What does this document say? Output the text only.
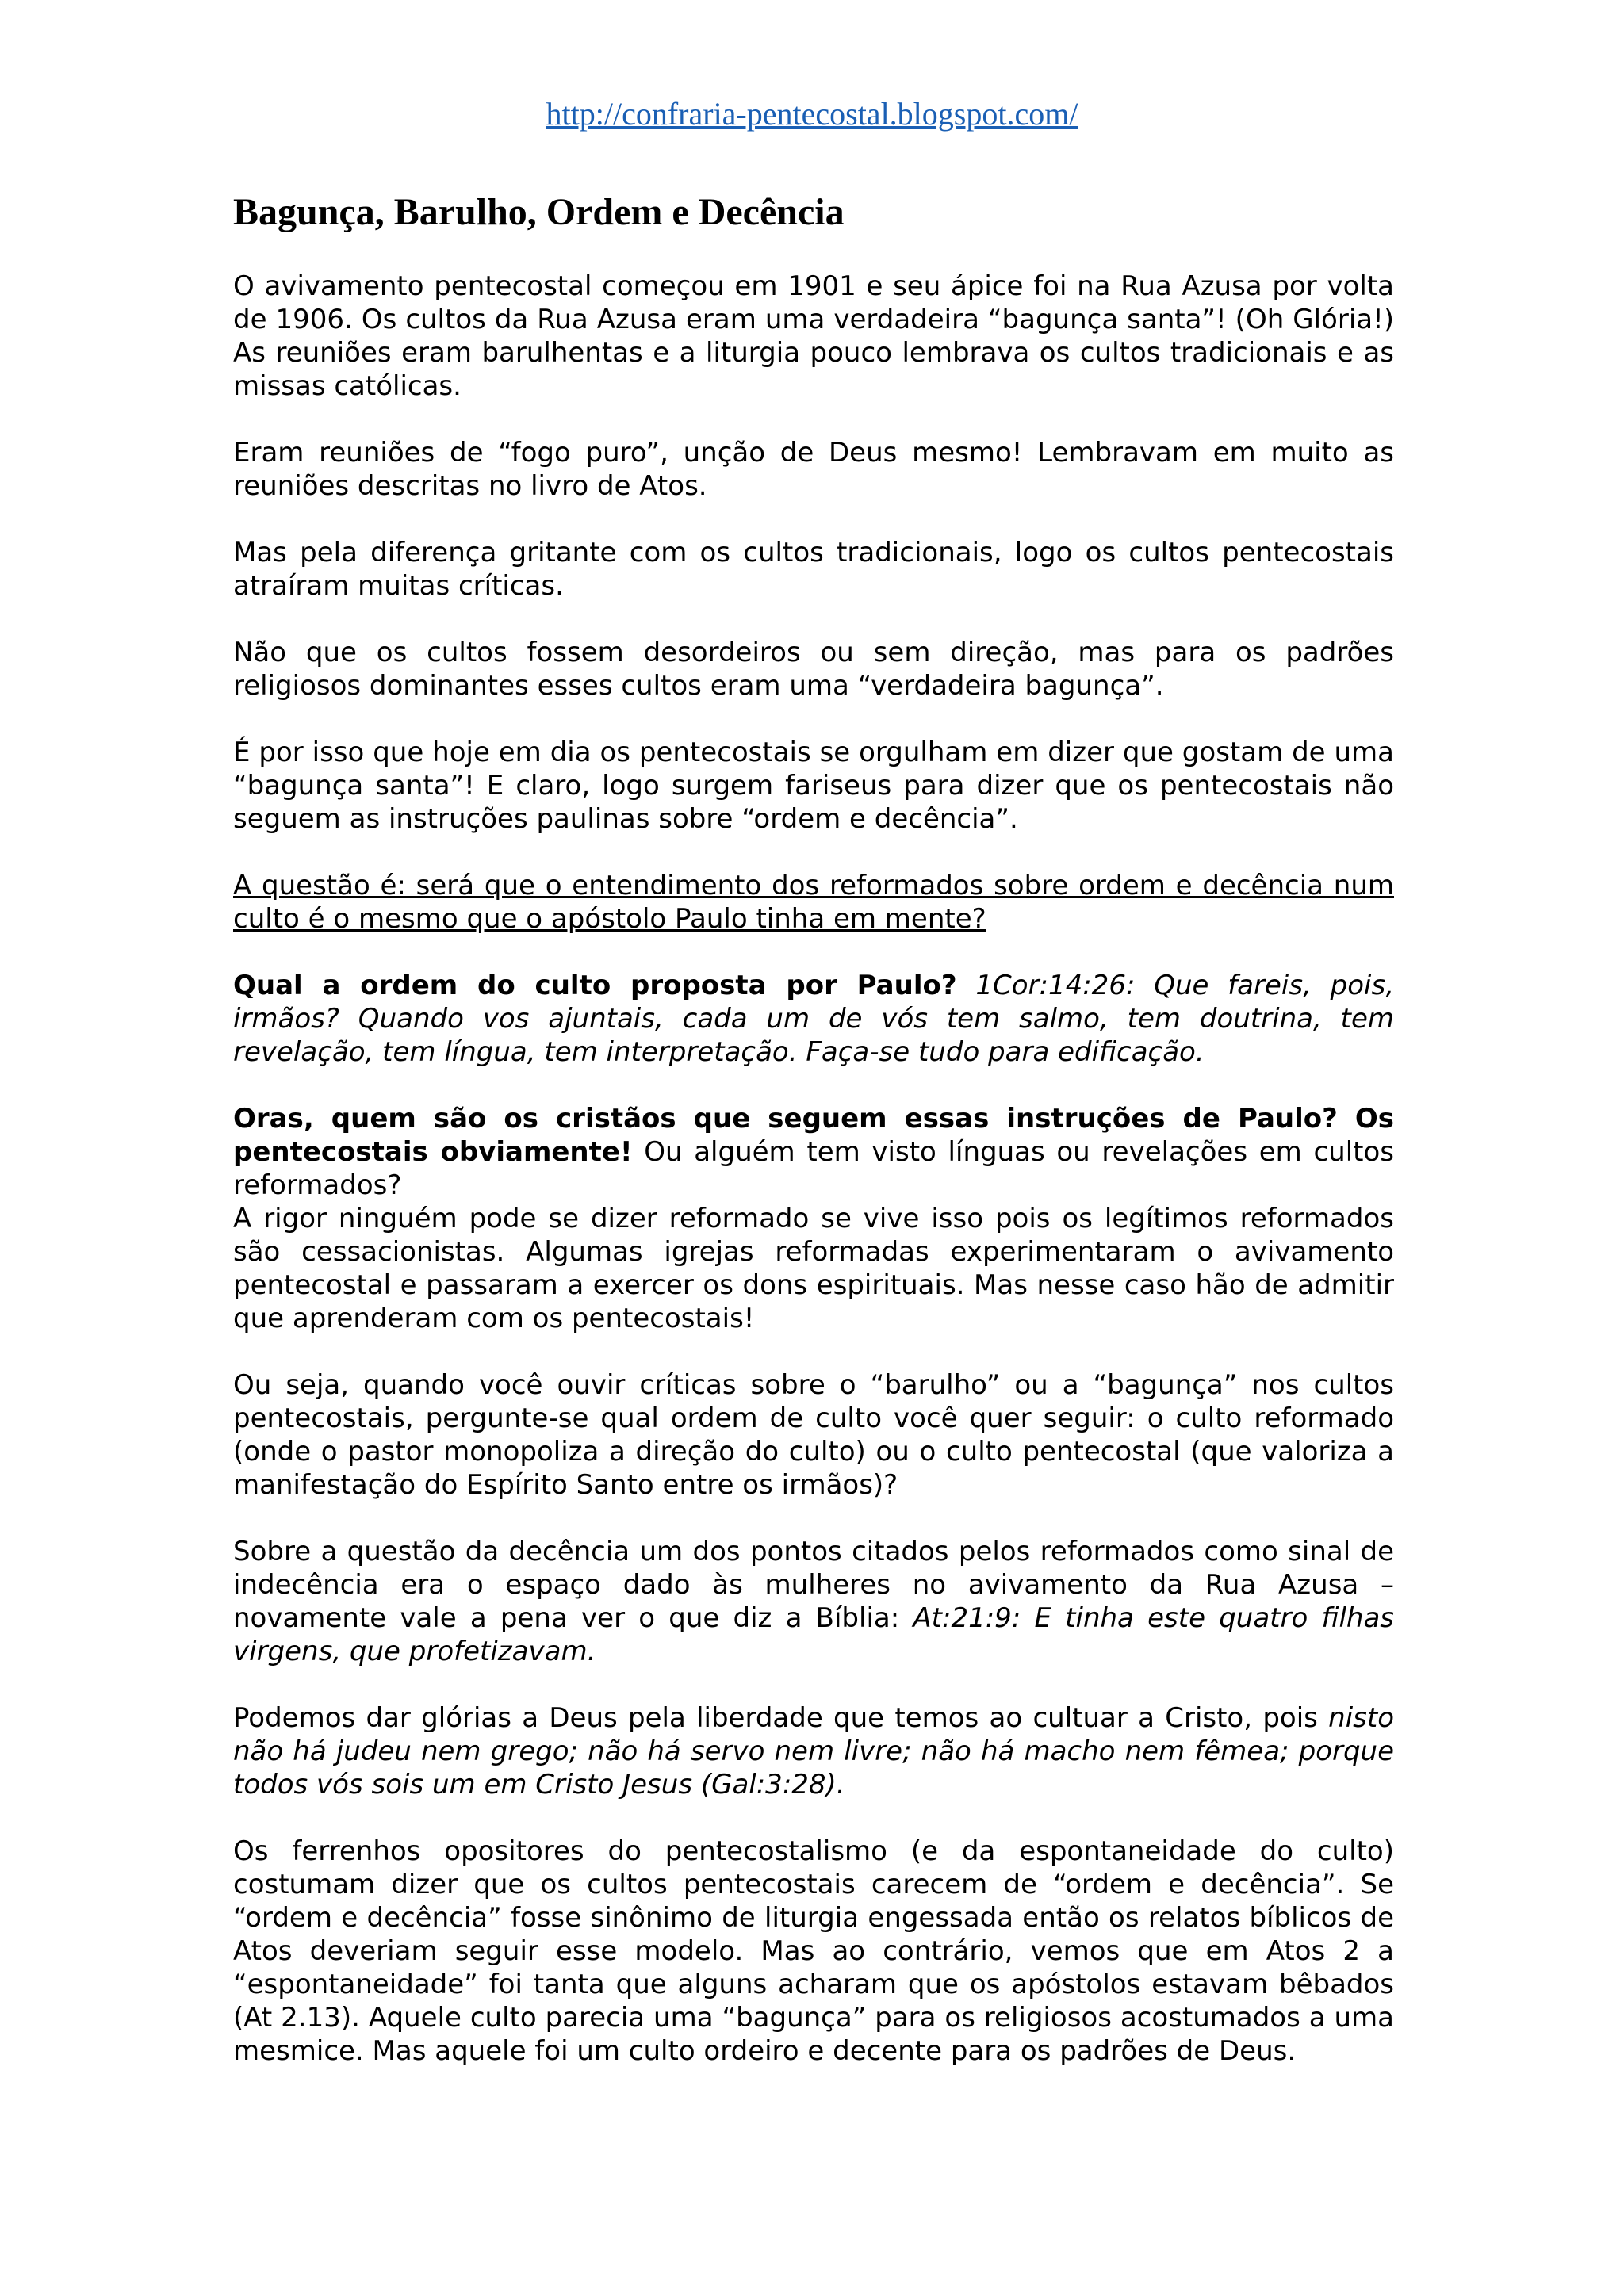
http://confraria-pentecostal.blogspot.com/
Bagunça, Barulho, Ordem e Decência

O avivamento pentecostal começou em 1901 e seu ápice foi na Rua Azusa por volta de 1906. Os cultos da Rua Azusa eram uma verdadeira “bagunça santa”! (Oh Glória!) As reuniões eram barulhentas e a liturgia pouco lembrava os cultos tradicionais e as missas católicas.

Eram reuniões de “fogo puro”, unção de Deus mesmo! Lembravam em muito as reuniões descritas no livro de Atos.

Mas pela diferença gritante com os cultos tradicionais, logo os cultos pentecostais atraíram muitas críticas.

Não que os cultos fossem desordeiros ou sem direção, mas para os padrões religiosos dominantes esses cultos eram uma “verdadeira bagunça”.

É por isso que hoje em dia os pentecostais se orgulham em dizer que gostam de uma “bagunça santa”! E claro, logo surgem fariseus para dizer que os pentecostais não seguem as instruções paulinas sobre “ordem e decência”.

A questão é: será que o entendimento dos reformados sobre ordem e decência num culto é o mesmo que o apóstolo Paulo tinha em mente?

Qual a ordem do culto proposta por Paulo? 1Cor:14:26: Que fareis, pois, irmãos? Quando vos ajuntais, cada um de vós tem salmo, tem doutrina, tem revelação, tem língua, tem interpretação. Faça-se tudo para edificação.

Oras, quem são os cristãos que seguem essas instruções de Paulo? Os pentecostais obviamente! Ou alguém tem visto línguas ou revelações em cultos reformados?

A rigor ninguém pode se dizer reformado se vive isso pois os legítimos reformados são cessacionistas. Algumas igrejas reformadas experimentaram o avivamento pentecostal e passaram a exercer os dons espirituais. Mas nesse caso hão de admitir que aprenderam com os pentecostais!

Ou seja, quando você ouvir críticas sobre o “barulho” ou a “bagunça” nos cultos pentecostais, pergunte-se qual ordem de culto você quer seguir: o culto reformado (onde o pastor monopoliza a direção do culto) ou o culto pentecostal (que valoriza a manifestação do Espírito Santo entre os irmãos)?

Sobre a questão da decência um dos pontos citados pelos reformados como sinal de indecência era o espaço dado às mulheres no avivamento da Rua Azusa – novamente vale a pena ver o que diz a Bíblia: At:21:9: E tinha este quatro filhas virgens, que profetizavam.

Podemos dar glórias a Deus pela liberdade que temos ao cultuar a Cristo, pois nisto não há judeu nem grego; não há servo nem livre; não há macho nem fêmea; porque todos vós sois um em Cristo Jesus (Gal:3:28).

Os ferrenhos opositores do pentecostalismo (e da espontaneidade do culto) costumam dizer que os cultos pentecostais carecem de “ordem e decência”. Se “ordem e decência” fosse sinônimo de liturgia engessada então os relatos bíblicos de Atos deveriam seguir esse modelo. Mas ao contrário, vemos que em Atos 2 a “espontaneidade” foi tanta que alguns acharam que os apóstolos estavam bêbados (At 2.13). Aquele culto parecia uma “bagunça” para os religiosos acostumados a uma mesmice. Mas aquele foi um culto ordeiro e decente para os padrões de Deus.
